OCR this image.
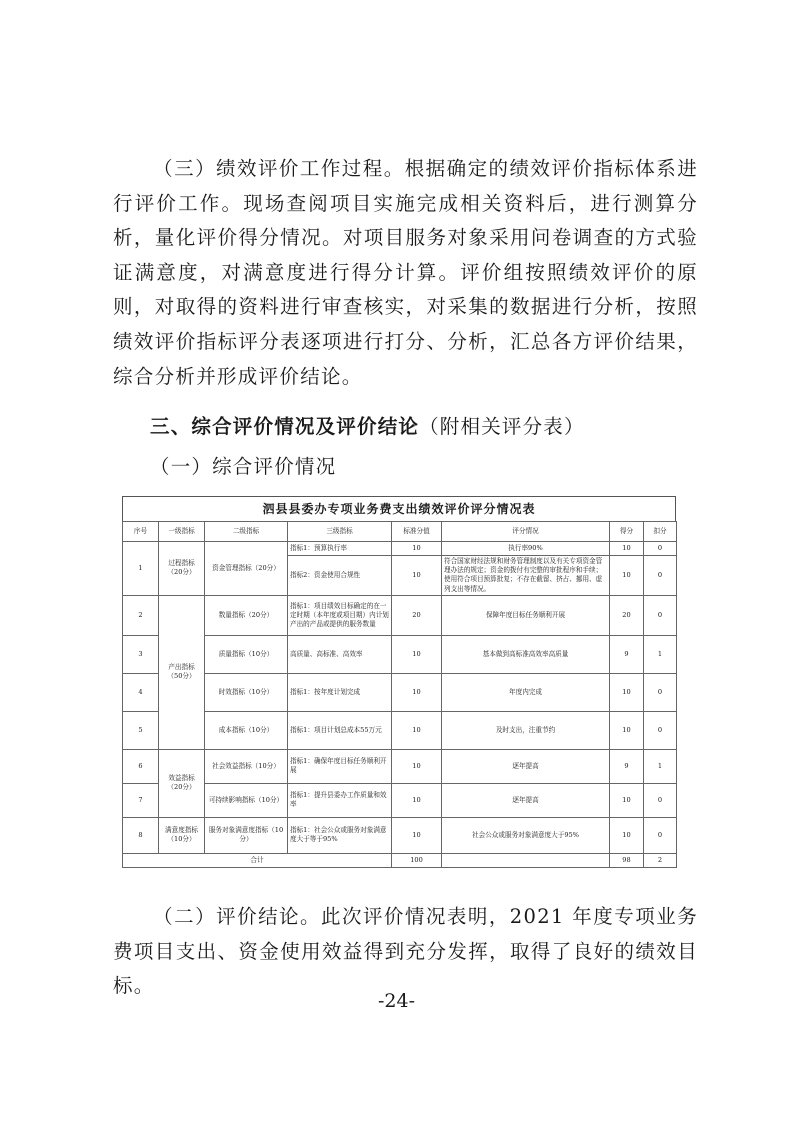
（三）绩效评价工作过程。根据确定的绩效评价指标体系进行评价工作。现场查阅项目实施完成相关资料后，进行测算分析，量化评价得分情况。对项目服务对象采用问卷调查的方式验证满意度，对满意度进行得分计算。评价组按照绩效评价的原则，对取得的资料进行审查核实，对采集的数据进行分析，按照绩效评价指标评分表逐项进行打分、分析，汇总各方评价结果，综合分析并形成评价结论。

三、综合评价情况及评价结论（附相关评分表）

（一）综合评价情况

泗县县委办专项业务费支出绩效评价评分情况表
序号	一级指标	二级指标	三级指标	标准分值	评分情况	得分	扣分
1	过程指标（20分）	资金管理指标（20分）	指标1：预算执行率	10	执行率90%	10	0
			指标2：资金使用合规性	10	符合国家财经法规和财务管理制度以及有关专项资金管理办法的规定；资金的拨付有完整的审批程序和手续；使用符合项目预算批复；不存在截留、挤占、挪用、虚列支出等情况。	10	0
2	产出指标（50分）	数量指标（20分）	指标1：项目绩效目标确定的在一定时期（本年度或项目期）内计划产出的产品或提供的服务数量	20	保障年度目标任务顺利开展	20	0
3		质量指标（10分）	高质量、高标准、高效率	10	基本做到高标准高效率高质量	9	1
4		时效指标（10分）	指标1：按年度计划完成	10	年度内完成	10	0
5		成本指标（10分）	指标1：项目计划总成本55万元	10	及时支出，注重节约	10	0
6	效益指标（20分）	社会效益指标（10分）	指标1：确保年度目标任务顺利开展	10	逐年提高	9	1
7		可持续影响指标（10分）	指标1：提升县委办工作质量和效率	10	逐年提高	10	0
8	满意度指标（10分）	服务对象满意度指标（10分）	指标1：社会公众或服务对象满意度大于等于95%	10	社会公众或服务对象满意度大于95%	10	0
合计				100		98	2

（二）评价结论。此次评价情况表明，2021 年度专项业务费项目支出、资金使用效益得到充分发挥，取得了良好的绩效目标。

-24-
